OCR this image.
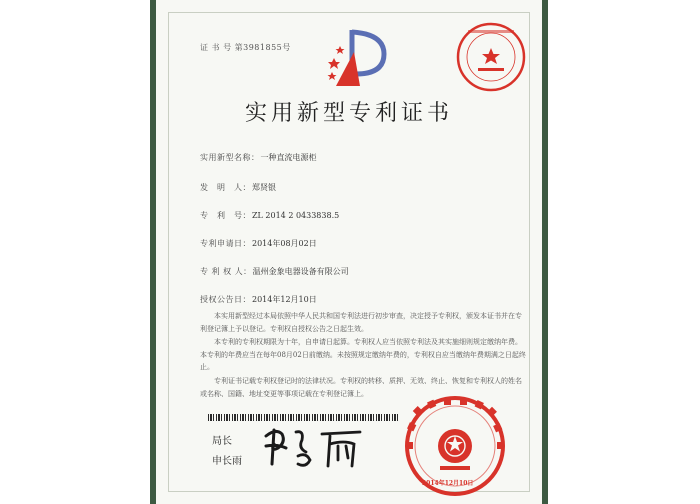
证 书 号 第3981855号
实用新型专利证书
实用新型名称：一种直流电源柜
发　明　人：郑贤银
专　利　号：ZL 2014 2 0433838.5
专利申请日：2014年08月02日
专 利 权 人：温州金象电器设备有限公司
授权公告日：2014年12月10日

本实用新型经过本局依照中华人民共和国专利法进行初步审查，决定授予专利权，颁发本证书并在专利登记簿上予以登记。专利权自授权公告之日起生效。

本专利的专利权期限为十年，自申请日起算。专利权人应当依照专利法及其实施细则规定缴纳年费。本专利的年费应当在每年08月02日前缴纳。未按照规定缴纳年费的，专利权自应当缴纳年费期满之日起终止。

专利证书记载专利权登记时的法律状况。专利权的转移、质押、无效、终止、恢复和专利权人的姓名或名称、国籍、地址变更等事项记载在专利登记簿上。

局长
申长雨
2014年12月10日
